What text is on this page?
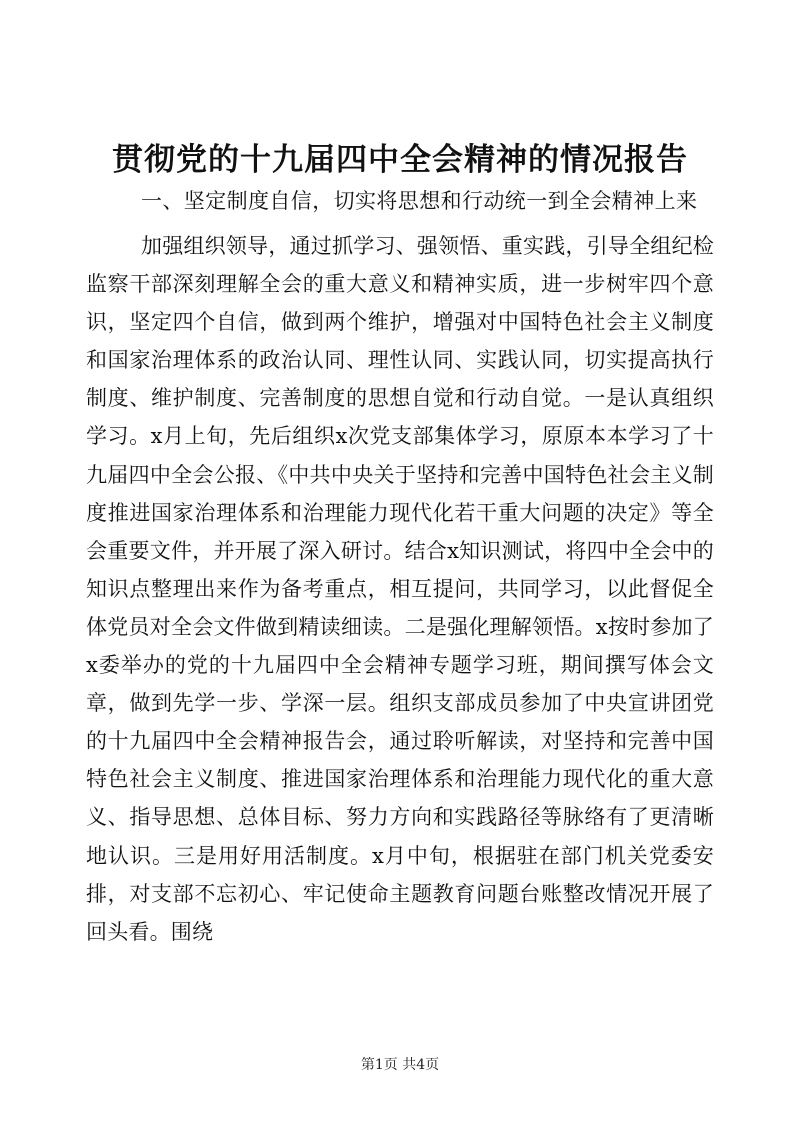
贯彻党的十九届四中全会精神的情况报告
一、坚定制度自信，切实将思想和行动统一到全会精神上来
加强组织领导，通过抓学习、强领悟、重实践，引导全组纪检监察干部深刻理解全会的重大意义和精神实质，进一步树牢四个意识，坚定四个自信，做到两个维护，增强对中国特色社会主义制度和国家治理体系的政治认同、理性认同、实践认同，切实提高执行制度、维护制度、完善制度的思想自觉和行动自觉。一是认真组织学习。x月上旬，先后组织x次党支部集体学习，原原本本学习了十九届四中全会公报、《中共中央关于坚持和完善中国特色社会主义制度推进国家治理体系和治理能力现代化若干重大问题的决定》等全会重要文件，并开展了深入研讨。结合x知识测试，将四中全会中的知识点整理出来作为备考重点，相互提问，共同学习，以此督促全体党员对全会文件做到精读细读。二是强化理解领悟。x按时参加了x委举办的党的十九届四中全会精神专题学习班，期间撰写体会文章，做到先学一步、学深一层。组织支部成员参加了中央宣讲团党的十九届四中全会精神报告会，通过聆听解读，对坚持和完善中国特色社会主义制度、推进国家治理体系和治理能力现代化的重大意义、指导思想、总体目标、努力方向和实践路径等脉络有了更清晰地认识。三是用好用活制度。x月中旬，根据驻在部门机关党委安排，对支部不忘初心、牢记使命主题教育问题台账整改情况开展了回头看。围绕
第1页 共4页
